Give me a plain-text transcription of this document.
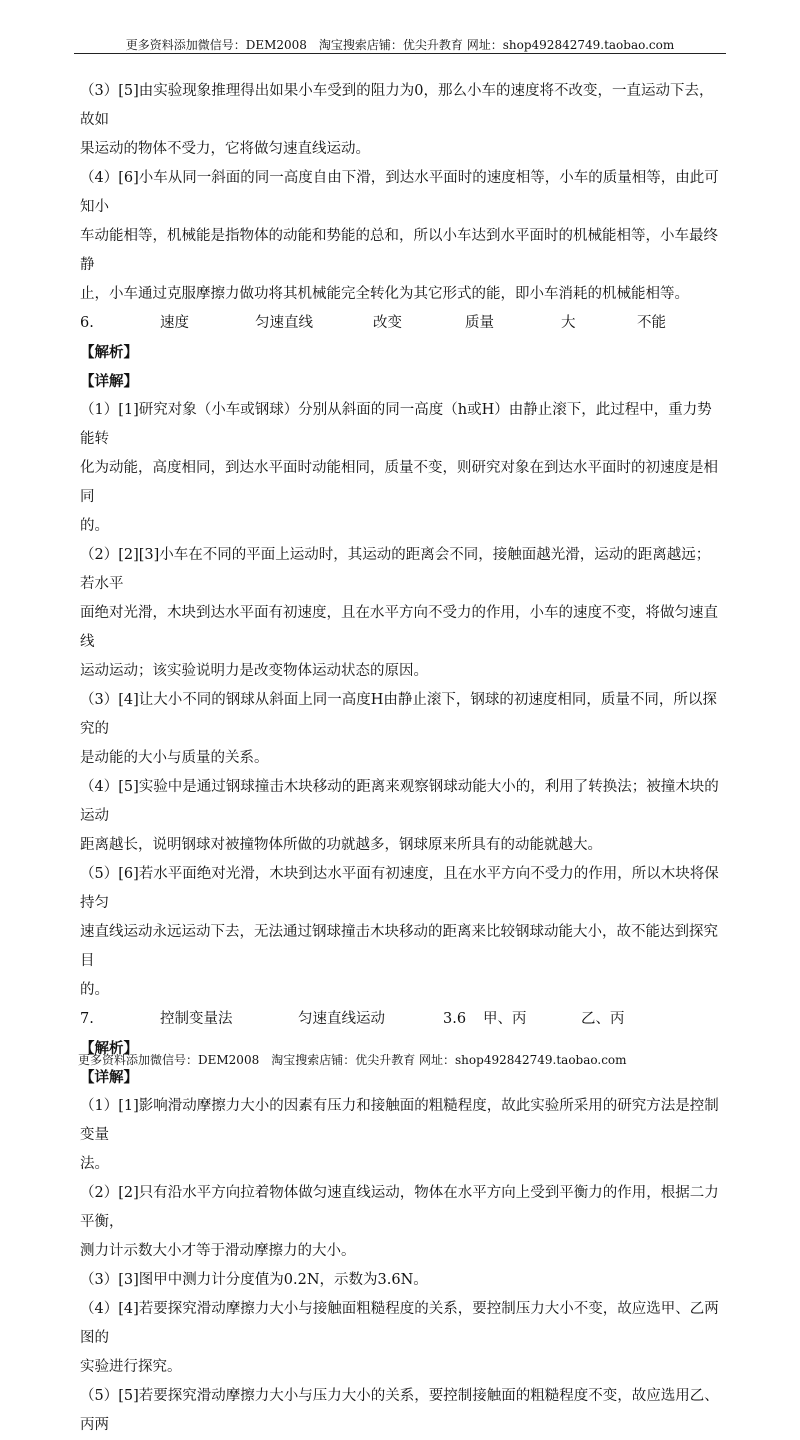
更多资料添加微信号：DEM2008　淘宝搜索店铺：优尖升教育 网址：shop492842749.taobao.com

（3）[5]由实验现象推理得出如果小车受到的阻力为0，那么小车的速度将不改变，一直运动下去，故如

果运动的物体不受力，它将做匀速直线运动。

（4）[6]小车从同一斜面的同一高度自由下滑，到达水平面时的速度相等，小车的质量相等，由此可知小

车动能相等，机械能是指物体的动能和势能的总和，所以小车达到水平面时的机械能相等，小车最终静

止，小车通过克服摩擦力做功将其机械能完全转化为其它形式的能，即小车消耗的机械能相等。

6.	速度	匀速直线	改变	质量	大	不能

【解析】

【详解】

（1）[1]研究对象（小车或钢球）分别从斜面的同一高度（h或H）由静止滚下，此过程中，重力势能转

化为动能，高度相同，到达水平面时动能相同，质量不变，则研究对象在到达水平面时的初速度是相同

的。

（2）[2][3]小车在不同的平面上运动时，其运动的距离会不同，接触面越光滑，运动的距离越远；若水平

面绝对光滑，木块到达水平面有初速度，且在水平方向不受力的作用，小车的速度不变，将做匀速直线

运动运动；该实验说明力是改变物体运动状态的原因。

（3）[4]让大小不同的钢球从斜面上同一高度H由静止滚下，钢球的初速度相同，质量不同，所以探究的

是动能的大小与质量的关系。

（4）[5]实验中是通过钢球撞击木块移动的距离来观察钢球动能大小的，利用了转换法；被撞木块的运动

距离越长，说明钢球对被撞物体所做的功就越多，钢球原来所具有的动能就越大。

（5）[6]若水平面绝对光滑，木块到达水平面有初速度，且在水平方向不受力的作用，所以木块将保持匀

速直线运动永远运动下去，无法通过钢球撞击木块移动的距离来比较钢球动能大小，故不能达到探究目

的。

7.	控制变量法	匀速直线运动	3.6	甲、丙	乙、丙

【解析】

【详解】

（1）[1]影响滑动摩擦力大小的因素有压力和接触面的粗糙程度，故此实验所采用的研究方法是控制变量

法。

（2）[2]只有沿水平方向拉着物体做匀速直线运动，物体在水平方向上受到平衡力的作用，根据二力平衡，

测力计示数大小才等于滑动摩擦力的大小。

（3）[3]图甲中测力计分度值为0.2N，示数为3.6N。

（4）[4]若要探究滑动摩擦力大小与接触面粗糙程度的关系，要控制压力大小不变，故应选甲、乙两图的

实验进行探究。

（5）[5]若要探究滑动摩擦力大小与压力大小的关系，要控制接触面的粗糙程度不变，故应选用乙、丙两

更多资料添加微信号：DEM2008　淘宝搜索店铺：优尖升教育 网址：shop492842749.taobao.com
